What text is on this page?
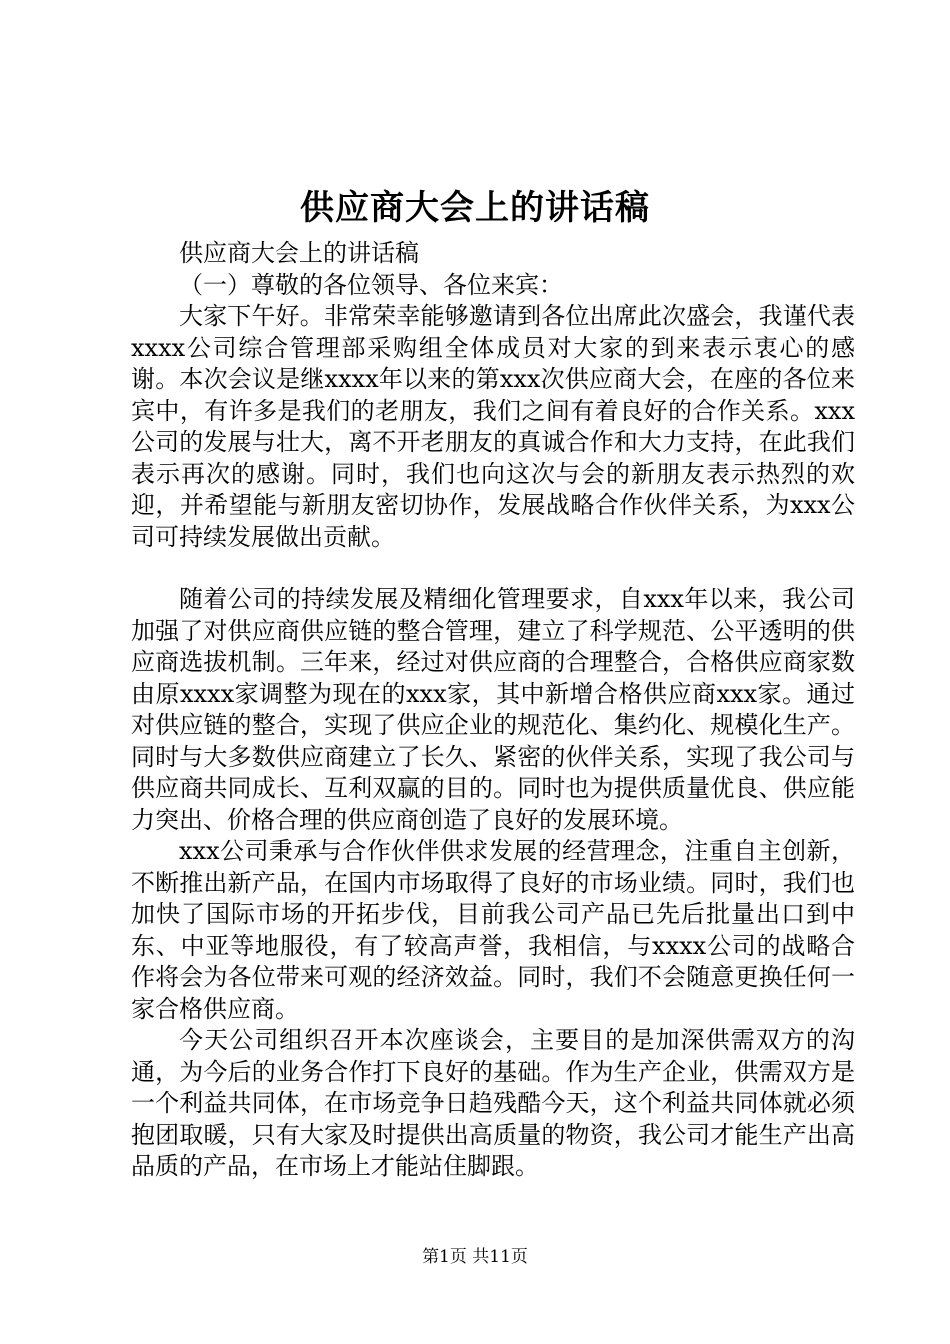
供应商大会上的讲话稿

供应商大会上的讲话稿

（一）尊敬的各位领导、各位来宾：

大家下午好。非常荣幸能够邀请到各位出席此次盛会，我谨代表xxxx公司综合管理部采购组全体成员对大家的到来表示衷心的感谢。本次会议是继xxxx年以来的第xxx次供应商大会，在座的各位来宾中，有许多是我们的老朋友，我们之间有着良好的合作关系。xxx公司的发展与壮大，离不开老朋友的真诚合作和大力支持，在此我们表示再次的感谢。同时，我们也向这次与会的新朋友表示热烈的欢迎，并希望能与新朋友密切协作，发展战略合作伙伴关系，为xxx公司可持续发展做出贡献。

随着公司的持续发展及精细化管理要求，自xxx年以来，我公司加强了对供应商供应链的整合管理，建立了科学规范、公平透明的供应商选拔机制。三年来，经过对供应商的合理整合，合格供应商家数由原xxxx家调整为现在的xxx家，其中新增合格供应商xxx家。通过对供应链的整合，实现了供应企业的规范化、集约化、规模化生产。同时与大多数供应商建立了长久、紧密的伙伴关系，实现了我公司与供应商共同成长、互利双赢的目的。同时也为提供质量优良、供应能力突出、价格合理的供应商创造了良好的发展环境。

xxx公司秉承与合作伙伴供求发展的经营理念，注重自主创新，不断推出新产品，在国内市场取得了良好的市场业绩。同时，我们也加快了国际市场的开拓步伐，目前我公司产品已先后批量出口到中东、中亚等地服役，有了较高声誉，我相信，与xxxx公司的战略合作将会为各位带来可观的经济效益。同时，我们不会随意更换任何一家合格供应商。

今天公司组织召开本次座谈会，主要目的是加深供需双方的沟通，为今后的业务合作打下良好的基础。作为生产企业，供需双方是一个利益共同体，在市场竞争日趋残酷今天，这个利益共同体就必须抱团取暖，只有大家及时提供出高质量的物资，我公司才能生产出高品质的产品，在市场上才能站住脚跟。

第1页 共11页
